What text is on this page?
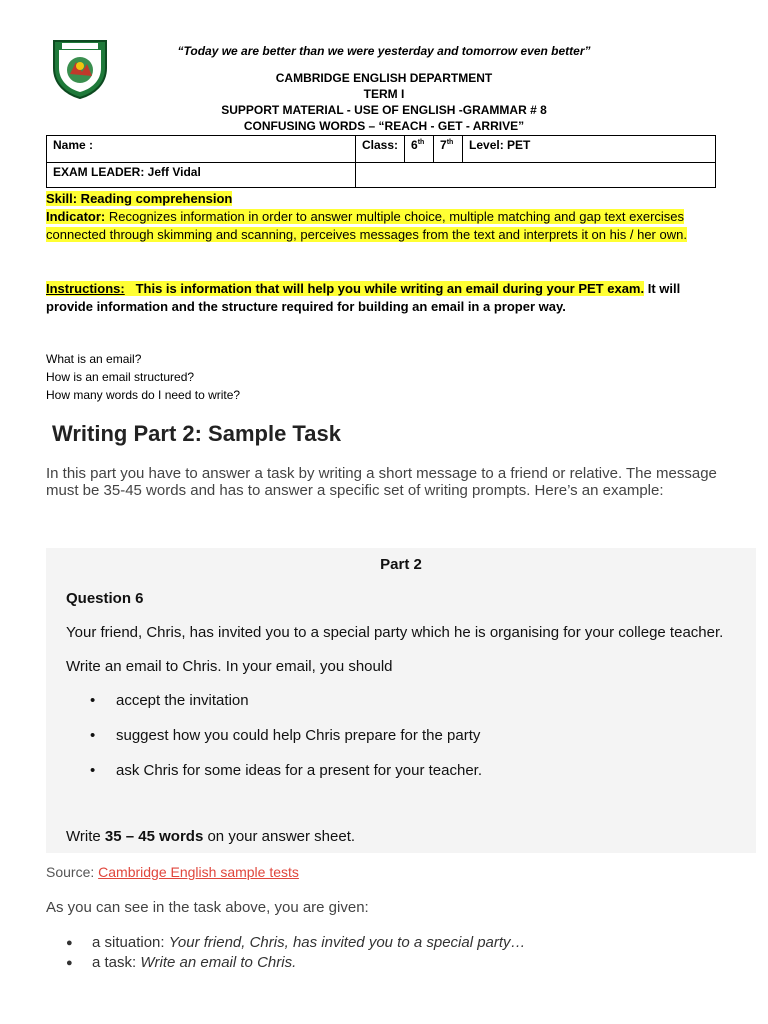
“Today we are better than we were yesterday and tomorrow even better”
CAMBRIDGE ENGLISH DEPARTMENT
TERM I
SUPPORT MATERIAL - USE OF ENGLISH -GRAMMAR # 8
CONFUSING WORDS – “REACH - GET - ARRIVE”
Name :	Class:	6th	7th	Level: PET
EXAM LEADER: Jeff Vidal				
Skill: Reading comprehension
Indicator: Recognizes information in order to answer multiple choice, multiple matching and gap text exercises connected through skimming and scanning, perceives messages from the text and interprets it on his / her own.
Instructions: This is information that will help you while writing an email during your PET exam. It will provide information and the structure required for building an email in a proper way.
What is an email?
How is an email structured?
How many words do I need to write?
Writing Part 2: Sample Task
In this part you have to answer a task by writing a short message to a friend or relative. The message must be 35-45 words and has to answer a specific set of writing prompts. Here’s an example:
Part 2
Question 6
Your friend, Chris, has invited you to a special party which he is organising for your college teacher.
Write an email to Chris. In your email, you should
•	accept the invitation
•	suggest how you could help Chris prepare for the party
•	ask Chris for some ideas for a present for your teacher.
Write 35 – 45 words on your answer sheet.
Source: Cambridge English sample tests
As you can see in the task above, you are given:
● a situation: Your friend, Chris, has invited you to a special party…
● a task: Write an email to Chris.
